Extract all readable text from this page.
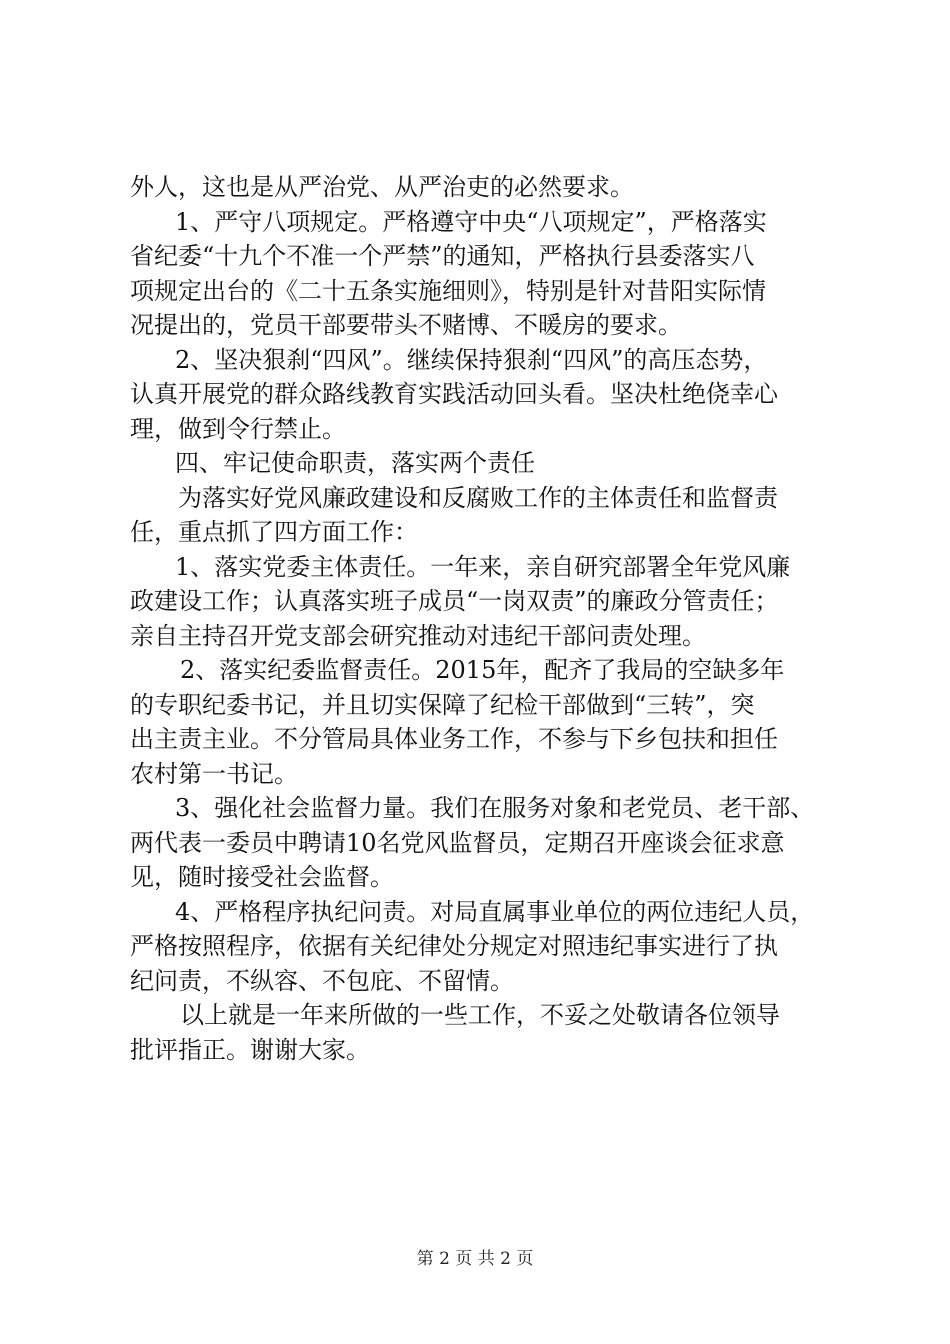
外人，这也是从严治党、从严治吏的必然要求。
1、严守八项规定。严格遵守中央“八项规定”，严格落实
省纪委“十九个不准一个严禁”的通知，严格执行县委落实八
项规定出台的《二十五条实施细则》，特别是针对昔阳实际情
况提出的，党员干部要带头不赌博、不暖房的要求。
2、坚决狠刹“四风”。继续保持狠刹“四风”的高压态势，
认真开展党的群众路线教育实践活动回头看。坚决杜绝侥幸心
理，做到令行禁止。
四、牢记使命职责，落实两个责任
为落实好党风廉政建设和反腐败工作的主体责任和监督责
任，重点抓了四方面工作：
1、落实党委主体责任。一年来，亲自研究部署全年党风廉
政建设工作；认真落实班子成员“一岗双责”的廉政分管责任；
亲自主持召开党支部会研究推动对违纪干部问责处理。
2、落实纪委监督责任。2015年，配齐了我局的空缺多年
的专职纪委书记，并且切实保障了纪检干部做到“三转”，突
出主责主业。不分管局具体业务工作，不参与下乡包扶和担任
农村第一书记。
3、强化社会监督力量。我们在服务对象和老党员、老干部、
两代表一委员中聘请10名党风监督员，定期召开座谈会征求意
见，随时接受社会监督。
4、严格程序执纪问责。对局直属事业单位的两位违纪人员，
严格按照程序，依据有关纪律处分规定对照违纪事实进行了执
纪问责，不纵容、不包庇、不留情。
以上就是一年来所做的一些工作，不妥之处敬请各位领导
批评指正。谢谢大家。
第 2 页 共 2 页
